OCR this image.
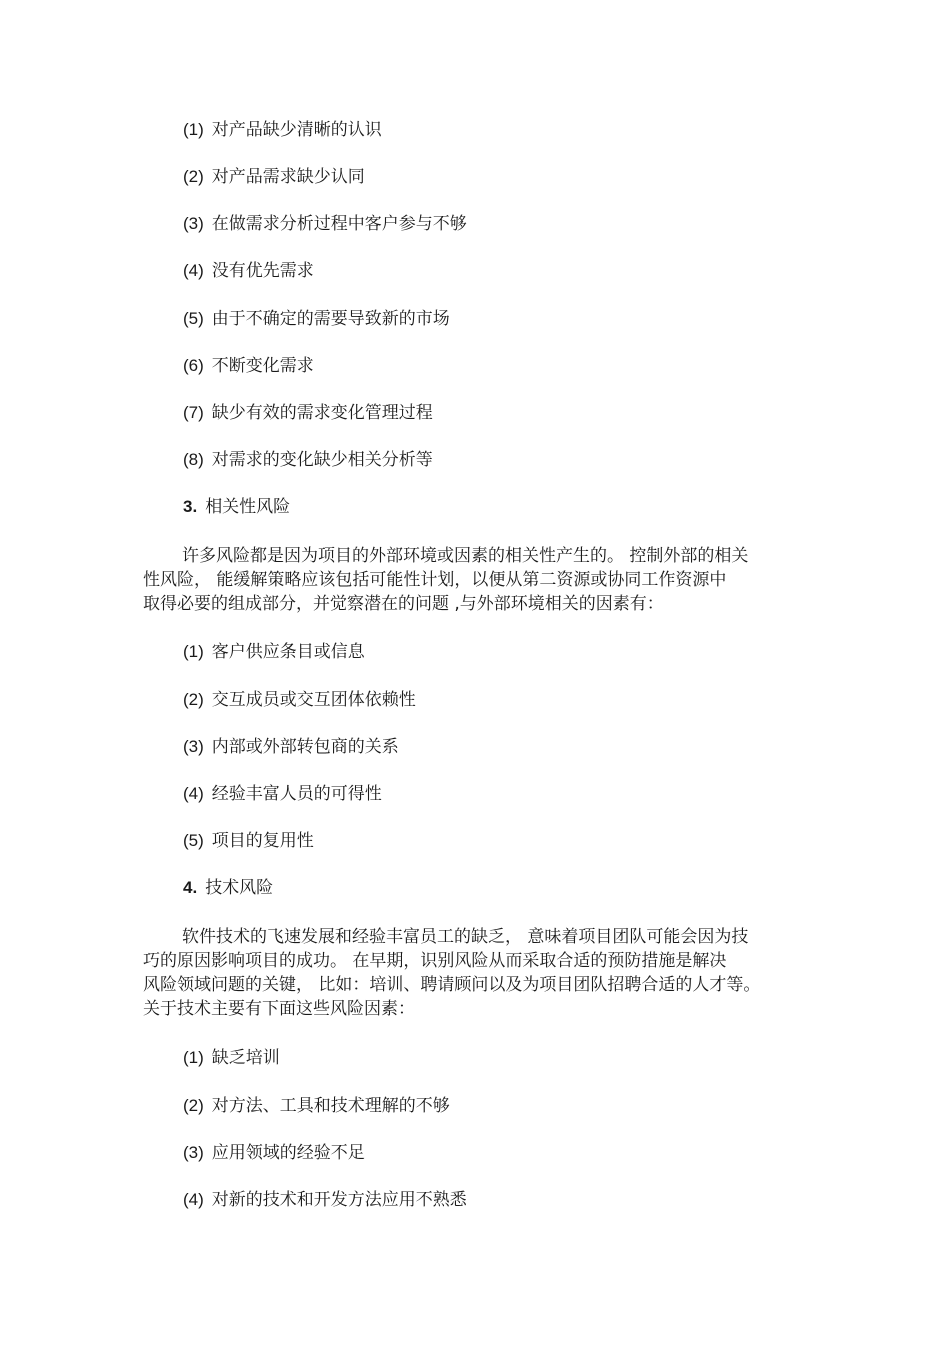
(1) 对产品缺少清晰的认识
(2) 对产品需求缺少认同
(3) 在做需求分析过程中客户参与不够
(4) 没有优先需求
(5) 由于不确定的需要导致新的市场
(6) 不断变化需求
(7) 缺少有效的需求变化管理过程
(8) 对需求的变化缺少相关分析等
3. 相关性风险
许多风险都是因为项目的外部环境或因素的相关性产生的。 控制外部的相关
性风险， 能缓解策略应该包括可能性计划，以便从第二资源或协同工作资源中
取得必要的组成部分，并觉察潜在的问题 ,与外部环境相关的因素有：
(1) 客户供应条目或信息
(2) 交互成员或交互团体依赖性
(3) 内部或外部转包商的关系
(4) 经验丰富人员的可得性
(5) 项目的复用性
4. 技术风险
软件技术的飞速发展和经验丰富员工的缺乏， 意味着项目团队可能会因为技
巧的原因影响项目的成功。 在早期，识别风险从而采取合适的预防措施是解决
风险领域问题的关键， 比如：培训、聘请顾问以及为项目团队招聘合适的人才等。
关于技术主要有下面这些风险因素：
(1) 缺乏培训
(2) 对方法、工具和技术理解的不够
(3) 应用领域的经验不足
(4) 对新的技术和开发方法应用不熟悉
